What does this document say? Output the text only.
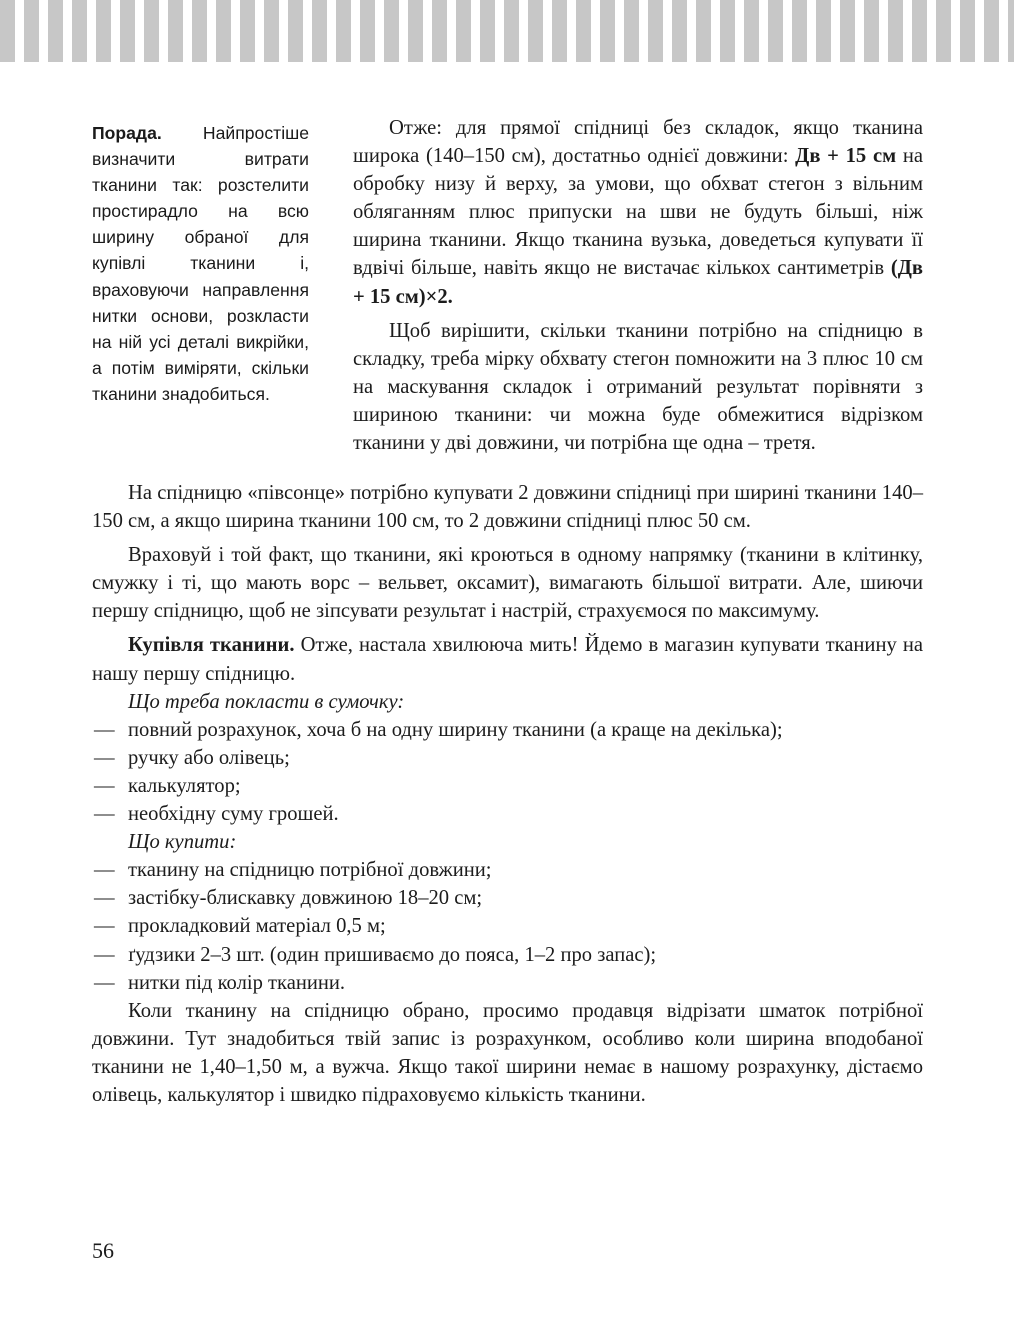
Порада. Найпростіше визначити витрати тканини так: розстелити простирадло на всю ширину обраної для купівлі тканини і, враховуючи направлення нитки основи, розкласти на ній усі деталі викрійки, а потім виміряти, скільки тканини знадобиться.

Отже: для прямої спідниці без складок, якщо тканина широка (140–150 см), достатньо однієї довжини: Дв + 15 см на обробку низу й верху, за умови, що обхват стегон з вільним обляганням плюс припуски на шви не будуть більші, ніж ширина тканини. Якщо тканина вузька, доведеться купувати її вдвічі більше, навіть якщо не вистачає кількох сантиметрів (Дв + 15 см)×2.

Щоб вирішити, скільки тканини потрібно на спідницю в складку, треба мірку обхвату стегон помножити на 3 плюс 10 см на маскування складок і отриманий результат порівняти з шириною тканини: чи можна буде обмежитися відрізком тканини у дві довжини, чи потрібна ще одна – третя.

На спідницю «півсонце» потрібно купувати 2 довжини спідниці при ширині тканини 140–150 см, а якщо ширина тканини 100 см, то 2 довжини спідниці плюс 50 см.

Враховуй і той факт, що тканини, які кроються в одному напрямку (тканини в клітинку, смужку і ті, що мають ворс – вельвет, оксамит), вимагають більшої витрати. Але, шиючи першу спідницю, щоб не зіпсувати результат і настрій, страхуємося по максимуму.

Купівля тканини. Отже, настала хвилююча мить! Йдемо в магазин купувати тканину на нашу першу спідницю.

Що треба покласти в сумочку:

— повний розрахунок, хоча б на одну ширину тканини (а краще на декілька);
— ручку або олівець;
— калькулятор;
— необхідну суму грошей.

Що купити:

— тканину на спідницю потрібної довжини;
— застібку-блискавку довжиною 18–20 см;
— прокладковий матеріал 0,5 м;
— ґудзики 2–3 шт. (один пришиваємо до пояса, 1–2 про запас);
— нитки під колір тканини.

Коли тканину на спідницю обрано, просимо продавця відрізати шматок потрібної довжини. Тут знадобиться твій запис із розрахунком, особливо коли ширина вподобаної тканини не 1,40–1,50 м, а вужча. Якщо такої ширини немає в нашому розрахунку, дістаємо олівець, калькулятор і швидко підраховуємо кількість тканини.

56
